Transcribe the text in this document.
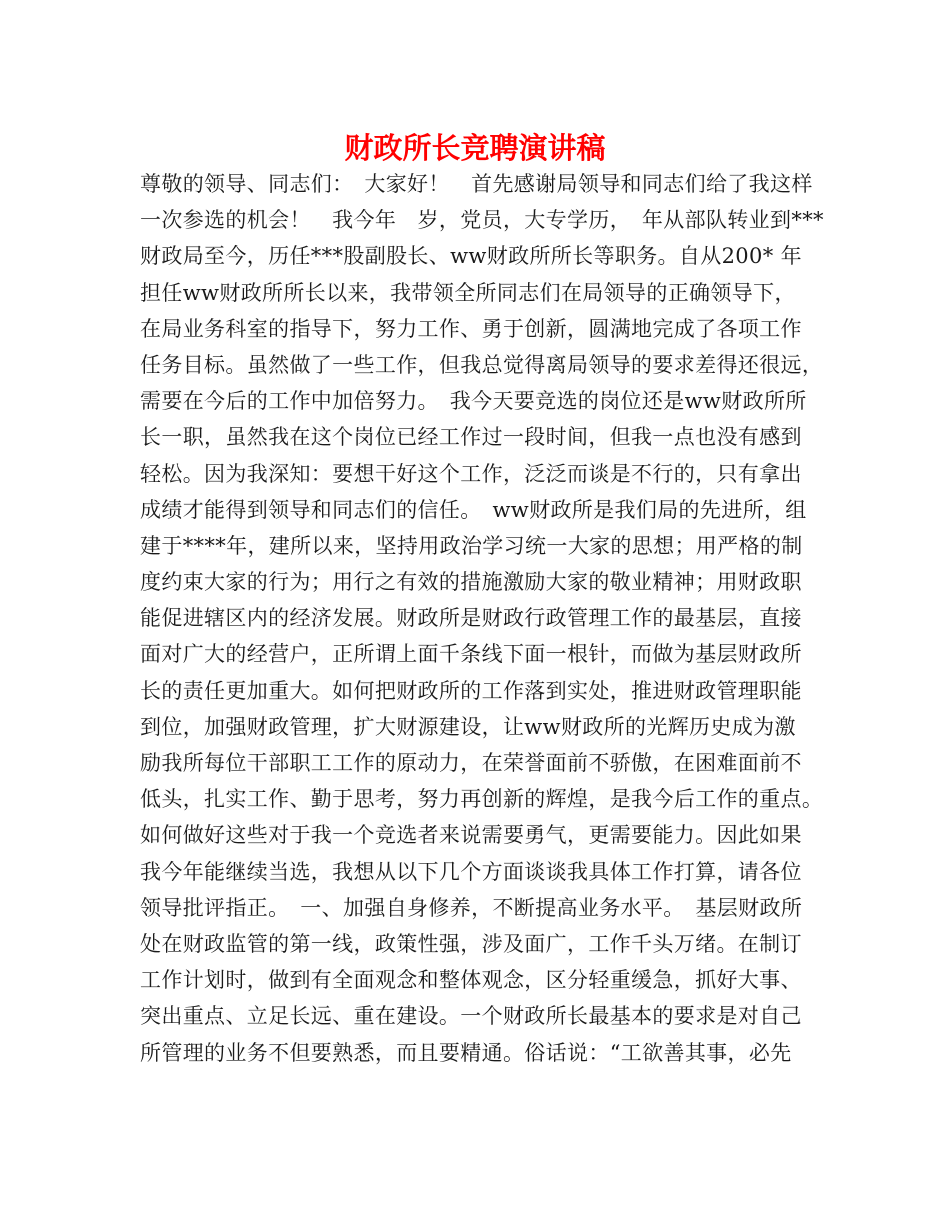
财政所长竞聘演讲稿
尊敬的领导、同志们：　大家好！　首先感谢局领导和同志们给了我这样
一次参选的机会！　我今年　岁，党员，大专学历，　年从部队转业到***
财政局至今，历任***股副股长、ww财政所所长等职务。自从200* 年
担任ww财政所所长以来，我带领全所同志们在局领导的正确领导下，
在局业务科室的指导下，努力工作、勇于创新，圆满地完成了各项工作
任务目标。虽然做了一些工作，但我总觉得离局领导的要求差得还很远，
需要在今后的工作中加倍努力。　我今天要竞选的岗位还是ww财政所所
长一职，虽然我在这个岗位已经工作过一段时间，但我一点也没有感到
轻松。因为我深知：要想干好这个工作，泛泛而谈是不行的，只有拿出
成绩才能得到领导和同志们的信任。　ww财政所是我们局的先进所，组
建于****年，建所以来，坚持用政治学习统一大家的思想；用严格的制
度约束大家的行为；用行之有效的措施激励大家的敬业精神；用财政职
能促进辖区内的经济发展。财政所是财政行政管理工作的最基层，直接
面对广大的经营户，正所谓上面千条线下面一根针，而做为基层财政所
长的责任更加重大。如何把财政所的工作落到实处，推进财政管理职能
到位，加强财政管理，扩大财源建设，让ww财政所的光辉历史成为激
励我所每位干部职工工作的原动力，在荣誉面前不骄傲，在困难面前不
低头，扎实工作、勤于思考，努力再创新的辉煌，是我今后工作的重点。
如何做好这些对于我一个竞选者来说需要勇气，更需要能力。因此如果
我今年能继续当选，我想从以下几个方面谈谈我具体工作打算，请各位
领导批评指正。　一、加强自身修养，不断提高业务水平。　基层财政所
处在财政监管的第一线，政策性强，涉及面广，工作千头万绪。在制订
工作计划时，做到有全面观念和整体观念，区分轻重缓急，抓好大事、
突出重点、立足长远、重在建设。一个财政所长最基本的要求是对自己
所管理的业务不但要熟悉，而且要精通。俗话说：“工欲善其事，必先
